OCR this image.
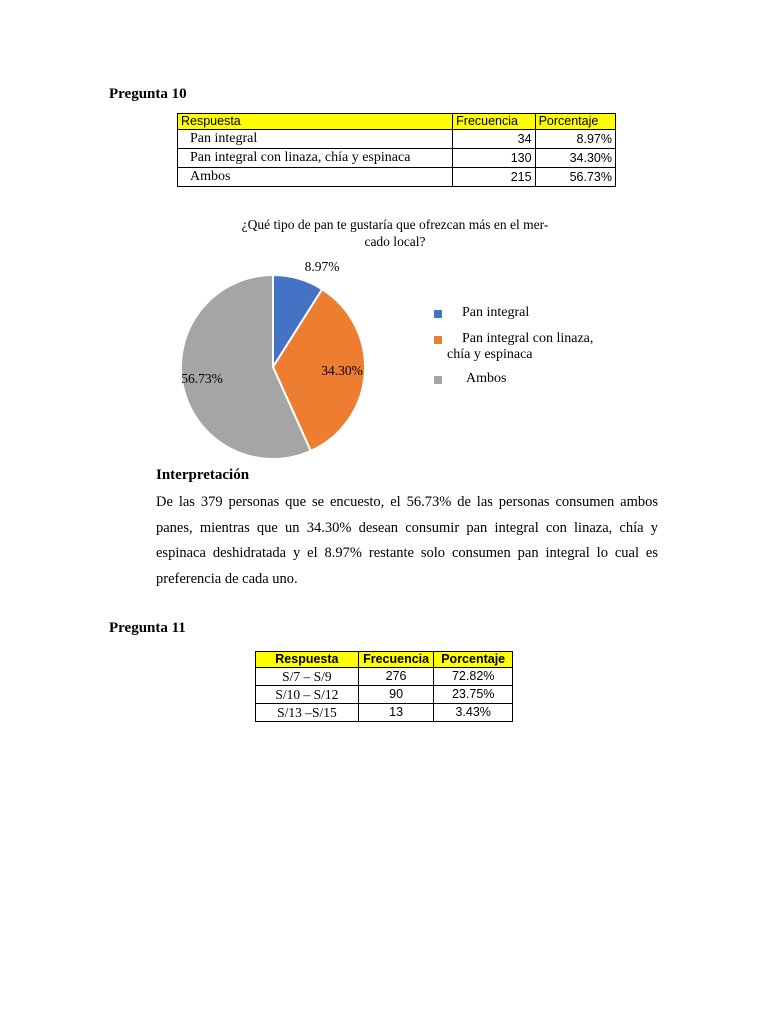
Pregunta 10
Respuesta	Frecuencia	Porcentaje
Pan integral	34	8.97%
Pan integral con linaza, chía y espinaca	130	34.30%
Ambos	215	56.73%
¿Qué tipo de pan te gustaría que ofrezcan más en el mer-
cado local?
8.97%
34.30%
56.73%
Pan integral
Pan integral con linaza,
chía y espinaca
Ambos
Interpretación
De las 379 personas que se encuesto, el 56.73% de las personas consumen ambos panes, mientras que un 34.30% desean consumir pan integral con linaza, chía y espinaca deshidratada y el 8.97% restante solo consumen pan integral lo cual es preferencia de cada uno.
Pregunta 11
Respuesta	Frecuencia	Porcentaje
S/7 – S/9	276	72.82%
S/10 – S/12	90	23.75%
S/13 –S/15	13	3.43%
